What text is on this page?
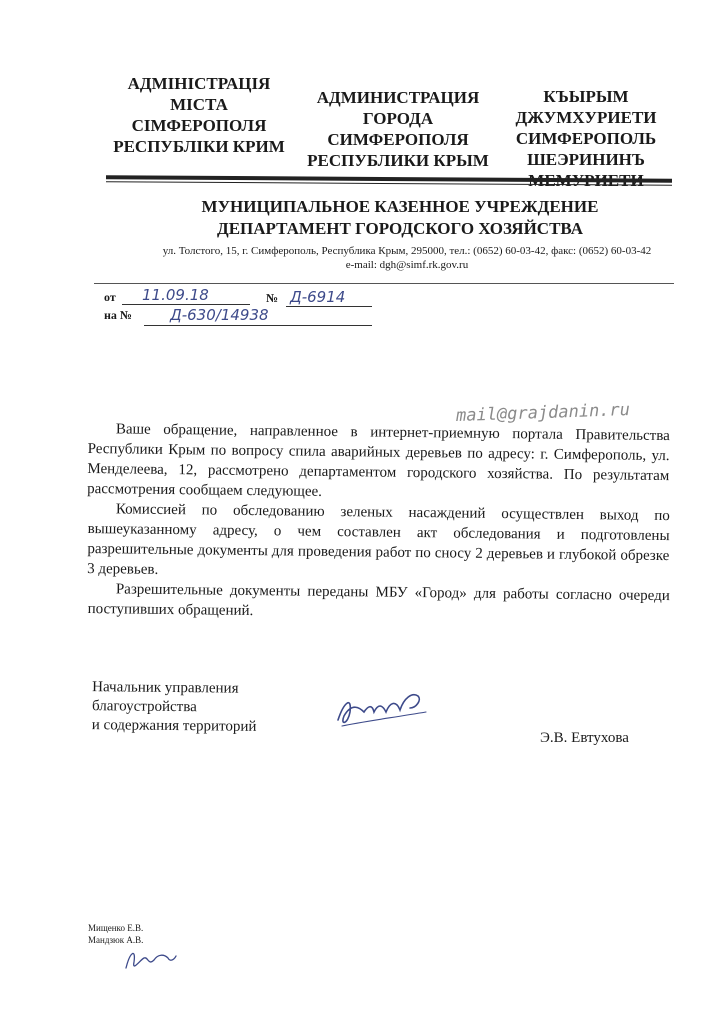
АДМІНІСТРАЦІЯ
МІСТА
СІМФЕРОПОЛЯ
РЕСПУБЛІКИ КРИМ
АДМИНИСТРАЦИЯ
ГОРОДА
СИМФЕРОПОЛЯ
РЕСПУБЛИКИ КРЫМ
КЪЫРЫМ
ДЖУМХУРИЕТИ
СИМФЕРОПОЛЬ
ШЕЭРИНИНЪ
МУНИЦИПАЛЬНОЕ КАЗЕННОЕ УЧРЕЖДЕНИЕ
ДЕПАРТАМЕНТ ГОРОДСКОГО ХОЗЯЙСТВА
ул. Толстого, 15, г. Симферополь, Республика Крым, 295000, тел.: (0652) 60-03-42, факс: (0652) 60-03-42
e-mail: dgh@simf.rk.gov.ru
от 11.09.18	№ Д-6914
на №	Д-630/14938
mail@grajdanin.ru

Ваше обращение, направленное в интернет-приемную портала Правительства Республики Крым по вопросу спила аварийных деревьев по адресу: г. Симферополь, ул. Менделеева, 12, рассмотрено департаментом городского хозяйства. По результатам рассмотрения сообщаем следующее.

Комиссией по обследованию зеленых насаждений осуществлен выход по вышеуказанному адресу, о чем составлен акт обследования и подготовлены разрешительные документы для проведения работ по сносу 2 деревьев и глубокой обрезке 3 деревьев.

Разрешительные документы переданы МБУ «Город» для работы согласно очереди поступивших обращений.

Начальник управления
благоустройства
и содержания территорий
Э.В. Евтухова
Мищенко Е.В.
Мандзюк А.В.
